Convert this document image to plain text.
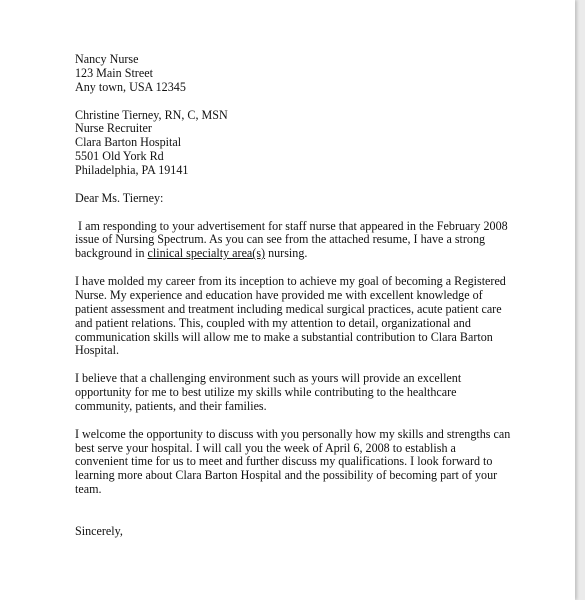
Nancy Nurse
123 Main Street
Any town, USA 12345
Christine Tierney, RN, C, MSN
Nurse Recruiter
Clara Barton Hospital
5501 Old York Rd
Philadelphia, PA 19141
Dear Ms. Tierney:
I am responding to your advertisement for staff nurse that appeared in the February 2008
issue of Nursing Spectrum. As you can see from the attached resume, I have a strong
background in clinical specialty area(s) nursing.
I have molded my career from its inception to achieve my goal of becoming a Registered
Nurse. My experience and education have provided me with excellent knowledge of
patient assessment and treatment including medical surgical practices, acute patient care
and patient relations. This, coupled with my attention to detail, organizational and
communication skills will allow me to make a substantial contribution to Clara Barton
Hospital.
I believe that a challenging environment such as yours will provide an excellent
opportunity for me to best utilize my skills while contributing to the healthcare
community, patients, and their families.
I welcome the opportunity to discuss with you personally how my skills and strengths can
best serve your hospital. I will call you the week of April 6, 2008 to establish a
convenient time for us to meet and further discuss my qualifications. I look forward to
learning more about Clara Barton Hospital and the possibility of becoming part of your
team.
Sincerely,
